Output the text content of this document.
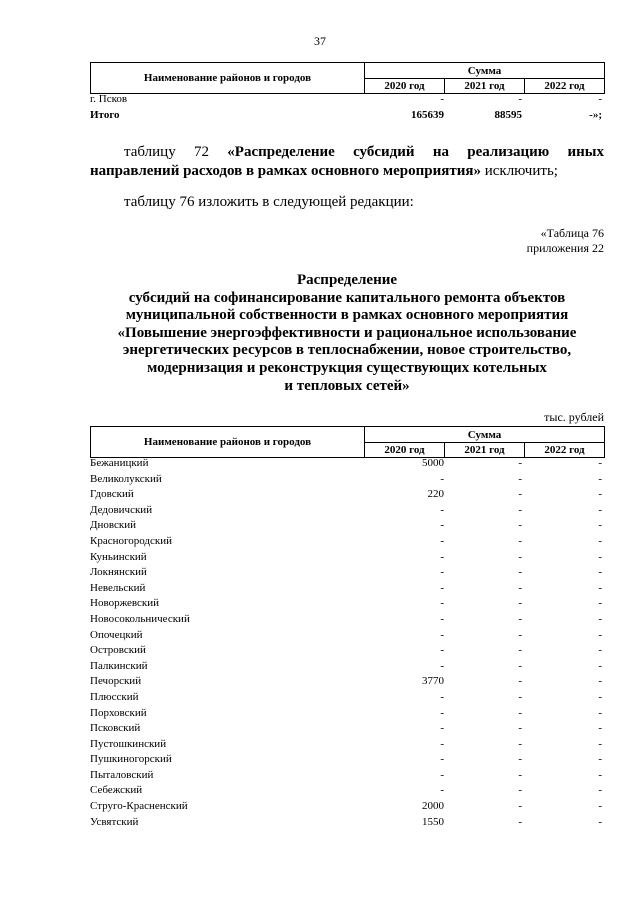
37
Наименование районов и городов	Сумма		
	2020 год	2021 год	2022 год
г. Псков	-	-	-
Итого	165639	88595	-»;
таблицу 72 «Распределение субсидий на реализацию иных направлений расходов в рамках основного мероприятия» исключить;
таблицу 76 изложить в следующей редакции:
«Таблица 76
приложения 22
Распределение
субсидий на софинансирование капитального ремонта объектов
муниципальной собственности в рамках основного мероприятия
«Повышение энергоэффективности и рациональное использование
энергетических ресурсов в теплоснабжении, новое строительство,
модернизация и реконструкция существующих котельных
и тепловых сетей»
тыс. рублей
Наименование районов и городов	Сумма		
	2020 год	2021 год	2022 год
Бежаницкий	5000	-	-
Великолукский	-	-	-
Гдовский	220	-	-
Дедовичский	-	-	-
Дновский	-	-	-
Красногородский	-	-	-
Куньинский	-	-	-
Локнянский	-	-	-
Невельский	-	-	-
Новоржевский	-	-	-
Новосокольнический	-	-	-
Опочецкий	-	-	-
Островский	-	-	-
Палкинский	-	-	-
Печорский	3770	-	-
Плюсский	-	-	-
Порховский	-	-	-
Псковский	-	-	-
Пустошкинский	-	-	-
Пушкиногорский	-	-	-
Пыталовский	-	-	-
Себежский	-	-	-
Струго-Красненский	2000	-	-
Усвятский	1550	-	-
